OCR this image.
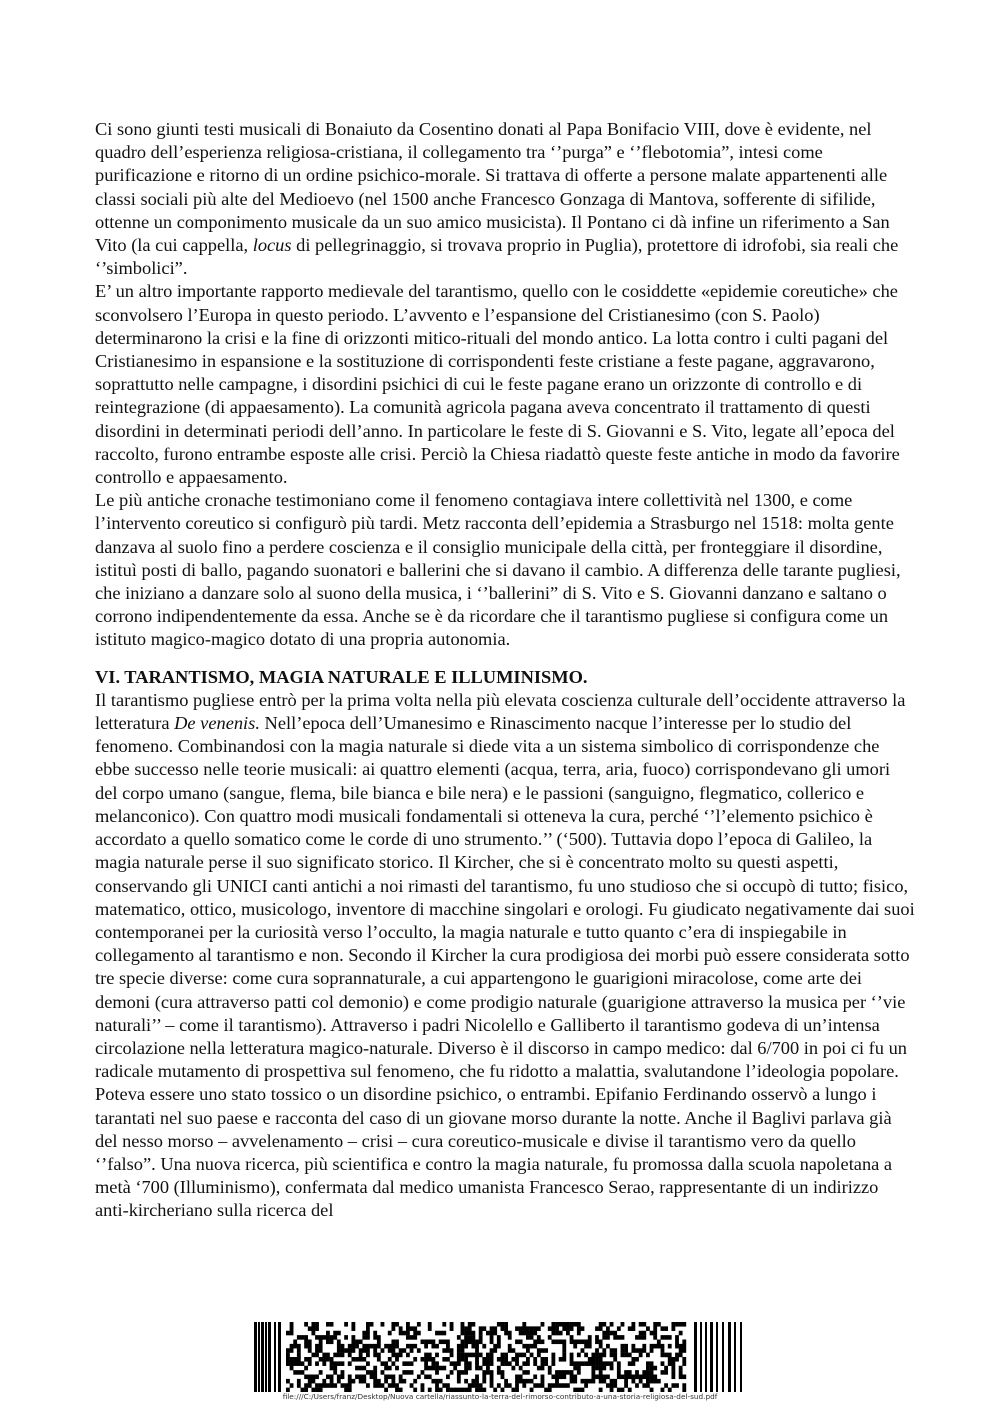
Ci sono giunti testi musicali di Bonaiuto da Cosentino donati al Papa Bonifacio VIII, dove è evidente, nel quadro dell’esperienza religiosa-cristiana, il collegamento tra ‘’purga” e ‘’flebotomia”, intesi come purificazione e ritorno di un ordine psichico-morale. Si trattava di offerte a persone malate appartenenti alle classi sociali più alte del Medioevo (nel 1500 anche Francesco Gonzaga di Mantova, sofferente di sifilide, ottenne un componimento musicale da un suo amico musicista). Il Pontano ci dà infine un riferimento a San Vito (la cui cappella, locus di pellegrinaggio, si trovava proprio in Puglia), protettore di idrofobi, sia reali che ‘’simbolici”.

E’ un altro importante rapporto medievale del tarantismo, quello con le cosiddette «epidemie coreutiche» che sconvolsero l’Europa in questo periodo. L’avvento e l’espansione del Cristianesimo (con S. Paolo) determinarono la crisi e la fine di orizzonti mitico-rituali del mondo antico. La lotta contro i culti pagani del Cristianesimo in espansione e la sostituzione di corrispondenti feste cristiane a feste pagane, aggravarono, soprattutto nelle campagne, i disordini psichici di cui le feste pagane erano un orizzonte di controllo e di reintegrazione (di appaesamento). La comunità agricola pagana aveva concentrato il trattamento di questi disordini in determinati periodi dell’anno. In particolare le feste di S. Giovanni e S. Vito, legate all’epoca del raccolto, furono entrambe esposte alle crisi. Perciò la Chiesa riadattò queste feste antiche in modo da favorire controllo e appaesamento.

Le più antiche cronache testimoniano come il fenomeno contagiava intere collettività nel 1300, e come l’intervento coreutico si configurò più tardi. Metz racconta dell’epidemia a Strasburgo nel 1518: molta gente danzava al suolo fino a perdere coscienza e il consiglio municipale della città, per fronteggiare il disordine, istituì posti di ballo, pagando suonatori e ballerini che si davano il cambio. A differenza delle tarante pugliesi, che iniziano a danzare solo al suono della musica, i ‘’ballerini” di S. Vito e S. Giovanni danzano e saltano o corrono indipendentemente da essa. Anche se è da ricordare che il tarantismo pugliese si configura come un istituto magico-magico dotato di una propria autonomia.

VI. TARANTISMO, MAGIA NATURALE E ILLUMINISMO.

Il tarantismo pugliese entrò per la prima volta nella più elevata coscienza culturale dell’occidente attraverso la letteratura De venenis. Nell’epoca dell’Umanesimo e Rinascimento nacque l’interesse per lo studio del fenomeno. Combinandosi con la magia naturale si diede vita a un sistema simbolico di corrispondenze che ebbe successo nelle teorie musicali: ai quattro elementi (acqua, terra, aria, fuoco) corrispondevano gli umori del corpo umano (sangue, flema, bile bianca e bile nera) e le passioni (sanguigno, flegmatico, collerico e melanconico). Con quattro modi musicali fondamentali si otteneva la cura, perché ‘’l’elemento psichico è accordato a quello somatico come le corde di uno strumento.’’ (‘500). Tuttavia dopo l’epoca di Galileo, la magia naturale perse il suo significato storico. Il Kircher, che si è concentrato molto su questi aspetti, conservando gli UNICI canti antichi a noi rimasti del tarantismo, fu uno studioso che si occupò di tutto; fisico, matematico, ottico, musicologo, inventore di macchine singolari e orologi. Fu giudicato negativamente dai suoi contemporanei per la curiosità verso l’occulto, la magia naturale e tutto quanto c’era di inspiegabile in collegamento al tarantismo e non. Secondo il Kircher la cura prodigiosa dei morbi può essere considerata sotto tre specie diverse: come cura soprannaturale, a cui appartengono le guarigioni miracolose, come arte dei demoni (cura attraverso patti col demonio) e come prodigio naturale (guarigione attraverso la musica per ‘’vie naturali’’ – come il tarantismo). Attraverso i padri Nicolello e Galliberto il tarantismo godeva di un’intensa circolazione nella letteratura magico-naturale. Diverso è il discorso in campo medico: dal 6/700 in poi ci fu un radicale mutamento di prospettiva sul fenomeno, che fu ridotto a malattia, svalutandone l’ideologia popolare. Poteva essere uno stato tossico o un disordine psichico, o entrambi. Epifanio Ferdinando osservò a lungo i tarantati nel suo paese e racconta del caso di un giovane morso durante la notte. Anche il Baglivi parlava già del nesso morso – avvelenamento – crisi – cura coreutico-musicale e divise il tarantismo vero da quello ‘’falso”. Una nuova ricerca, più scientifica e contro la magia naturale, fu promossa dalla scuola napoletana a metà ‘700 (Illuminismo), confermata dal medico umanista Francesco Serao, rappresentante di un indirizzo anti-kircheriano sulla ricerca del

file:///C:/Users/franz/Desktop/Nuova cartella/riassunto-la-terra-del-rimorso-contributo-a-una-storia-religiosa-del-sud.pdf
